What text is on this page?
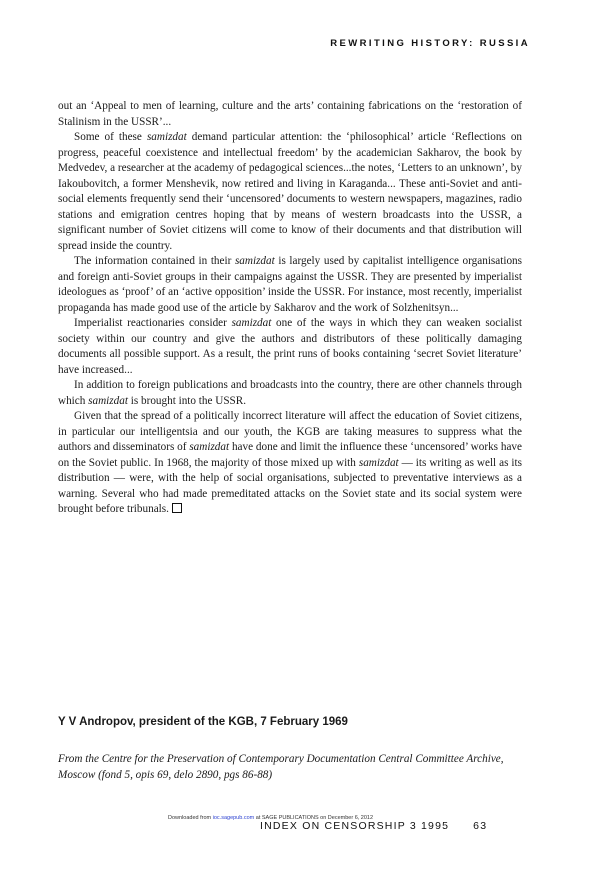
REWRITING HISTORY: RUSSIA

out an ‘Appeal to men of learning, culture and the arts’ containing fabrications on the ‘restoration of Stalinism in the USSR’...

Some of these samizdat demand particular attention: the ‘philosophical’ article ‘Reflections on progress, peaceful coexistence and intellectual freedom’ by the academician Sakharov, the book by Medvedev, a researcher at the academy of pedagogical sciences...the notes, ‘Letters to an unknown’, by Iakoubovitch, a former Menshevik, now retired and living in Karaganda... These anti-Soviet and anti-social elements frequently send their ‘uncensored’ documents to western newspapers, magazines, radio stations and emigration centres hoping that by means of western broadcasts into the USSR, a significant number of Soviet citizens will come to know of their documents and that distribution will spread inside the country.

The information contained in their samizdat is largely used by capitalist intelligence organisations and foreign anti-Soviet groups in their campaigns against the USSR. They are presented by imperialist ideologues as ‘proof’ of an ‘active opposition’ inside the USSR. For instance, most recently, imperialist propaganda has made good use of the article by Sakharov and the work of Solzhenitsyn...

Imperialist reactionaries consider samizdat one of the ways in which they can weaken socialist society within our country and give the authors and distributors of these politically damaging documents all possible support. As a result, the print runs of books containing ‘secret Soviet literature’ have increased...

In addition to foreign publications and broadcasts into the country, there are other channels through which samizdat is brought into the USSR.

Given that the spread of a politically incorrect literature will affect the education of Soviet citizens, in particular our intelligentsia and our youth, the KGB are taking measures to suppress what the authors and disseminators of samizdat have done and limit the influence these ‘uncensored’ works have on the Soviet public. In 1968, the majority of those mixed up with samizdat — its writing as well as its distribution — were, with the help of social organisations, subjected to preventative interviews as a warning. Several who had made premeditated attacks on the Soviet state and its social system were brought before tribunals.

Y V Andropov, president of the KGB, 7 February 1969
From the Centre for the Preservation of Contemporary Documentation Central Committee Archive, Moscow (fond 5, opis 69, delo 2890, pgs 86-88)
Downloaded from ioc.sagepub.com at SAGE PUBLICATIONS on December 6, 2012
INDEX ON CENSORSHIP 3 1995 63
